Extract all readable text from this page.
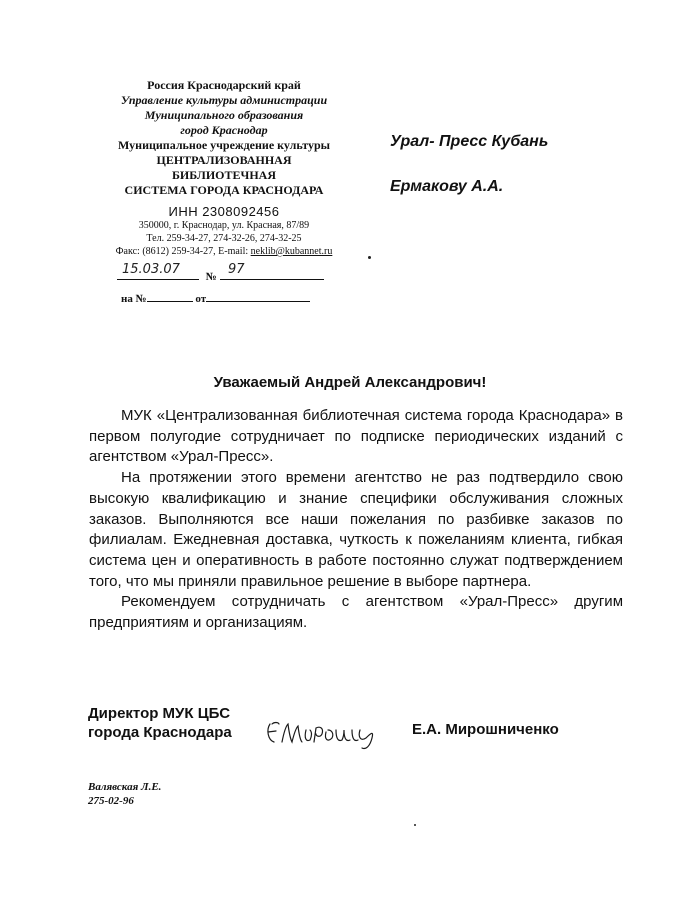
Россия Краснодарский край
Управление культуры администрации
Муниципального образования
город Краснодар
Муниципальное учреждение культуры
ЦЕНТРАЛИЗОВАННАЯ
БИБЛИОТЕЧНАЯ
СИСТЕМА ГОРОДА КРАСНОДАРА
ИНН 2308092456
350000, г. Краснодар, ул. Красная, 87/89
Тел. 259-34-27, 274-32-26, 274-32-25
Факс: (8612) 259-34-27, E-mail: neklib@kubannet.ru
№
15.03.07	97
на №	от
Урал- Пресс Кубань
Ермакову А.А.
Уважаемый Андрей Александрович!

МУК «Централизованная библиотечная система города Краснодара» в первом полугодие сотрудничает по подписке периодических изданий с агентством «Урал-Пресс».

На протяжении этого времени агентство не раз подтвердило свою высокую квалификацию и знание специфики обслуживания сложных заказов. Выполняются все наши пожелания по разбивке заказов по филиалам. Ежедневная доставка, чуткость к пожеланиям клиента, гибкая система цен и оперативность в работе постоянно служат подтверждением того, что мы приняли правильное решение в выборе партнера.

Рекомендуем сотрудничать с агентством «Урал-Пресс» другим предприятиям и организациям.

Директор МУК ЦБС
города Краснодара	Е.А. Мирошниченко
Валявская Л.Е.
275-02-96
